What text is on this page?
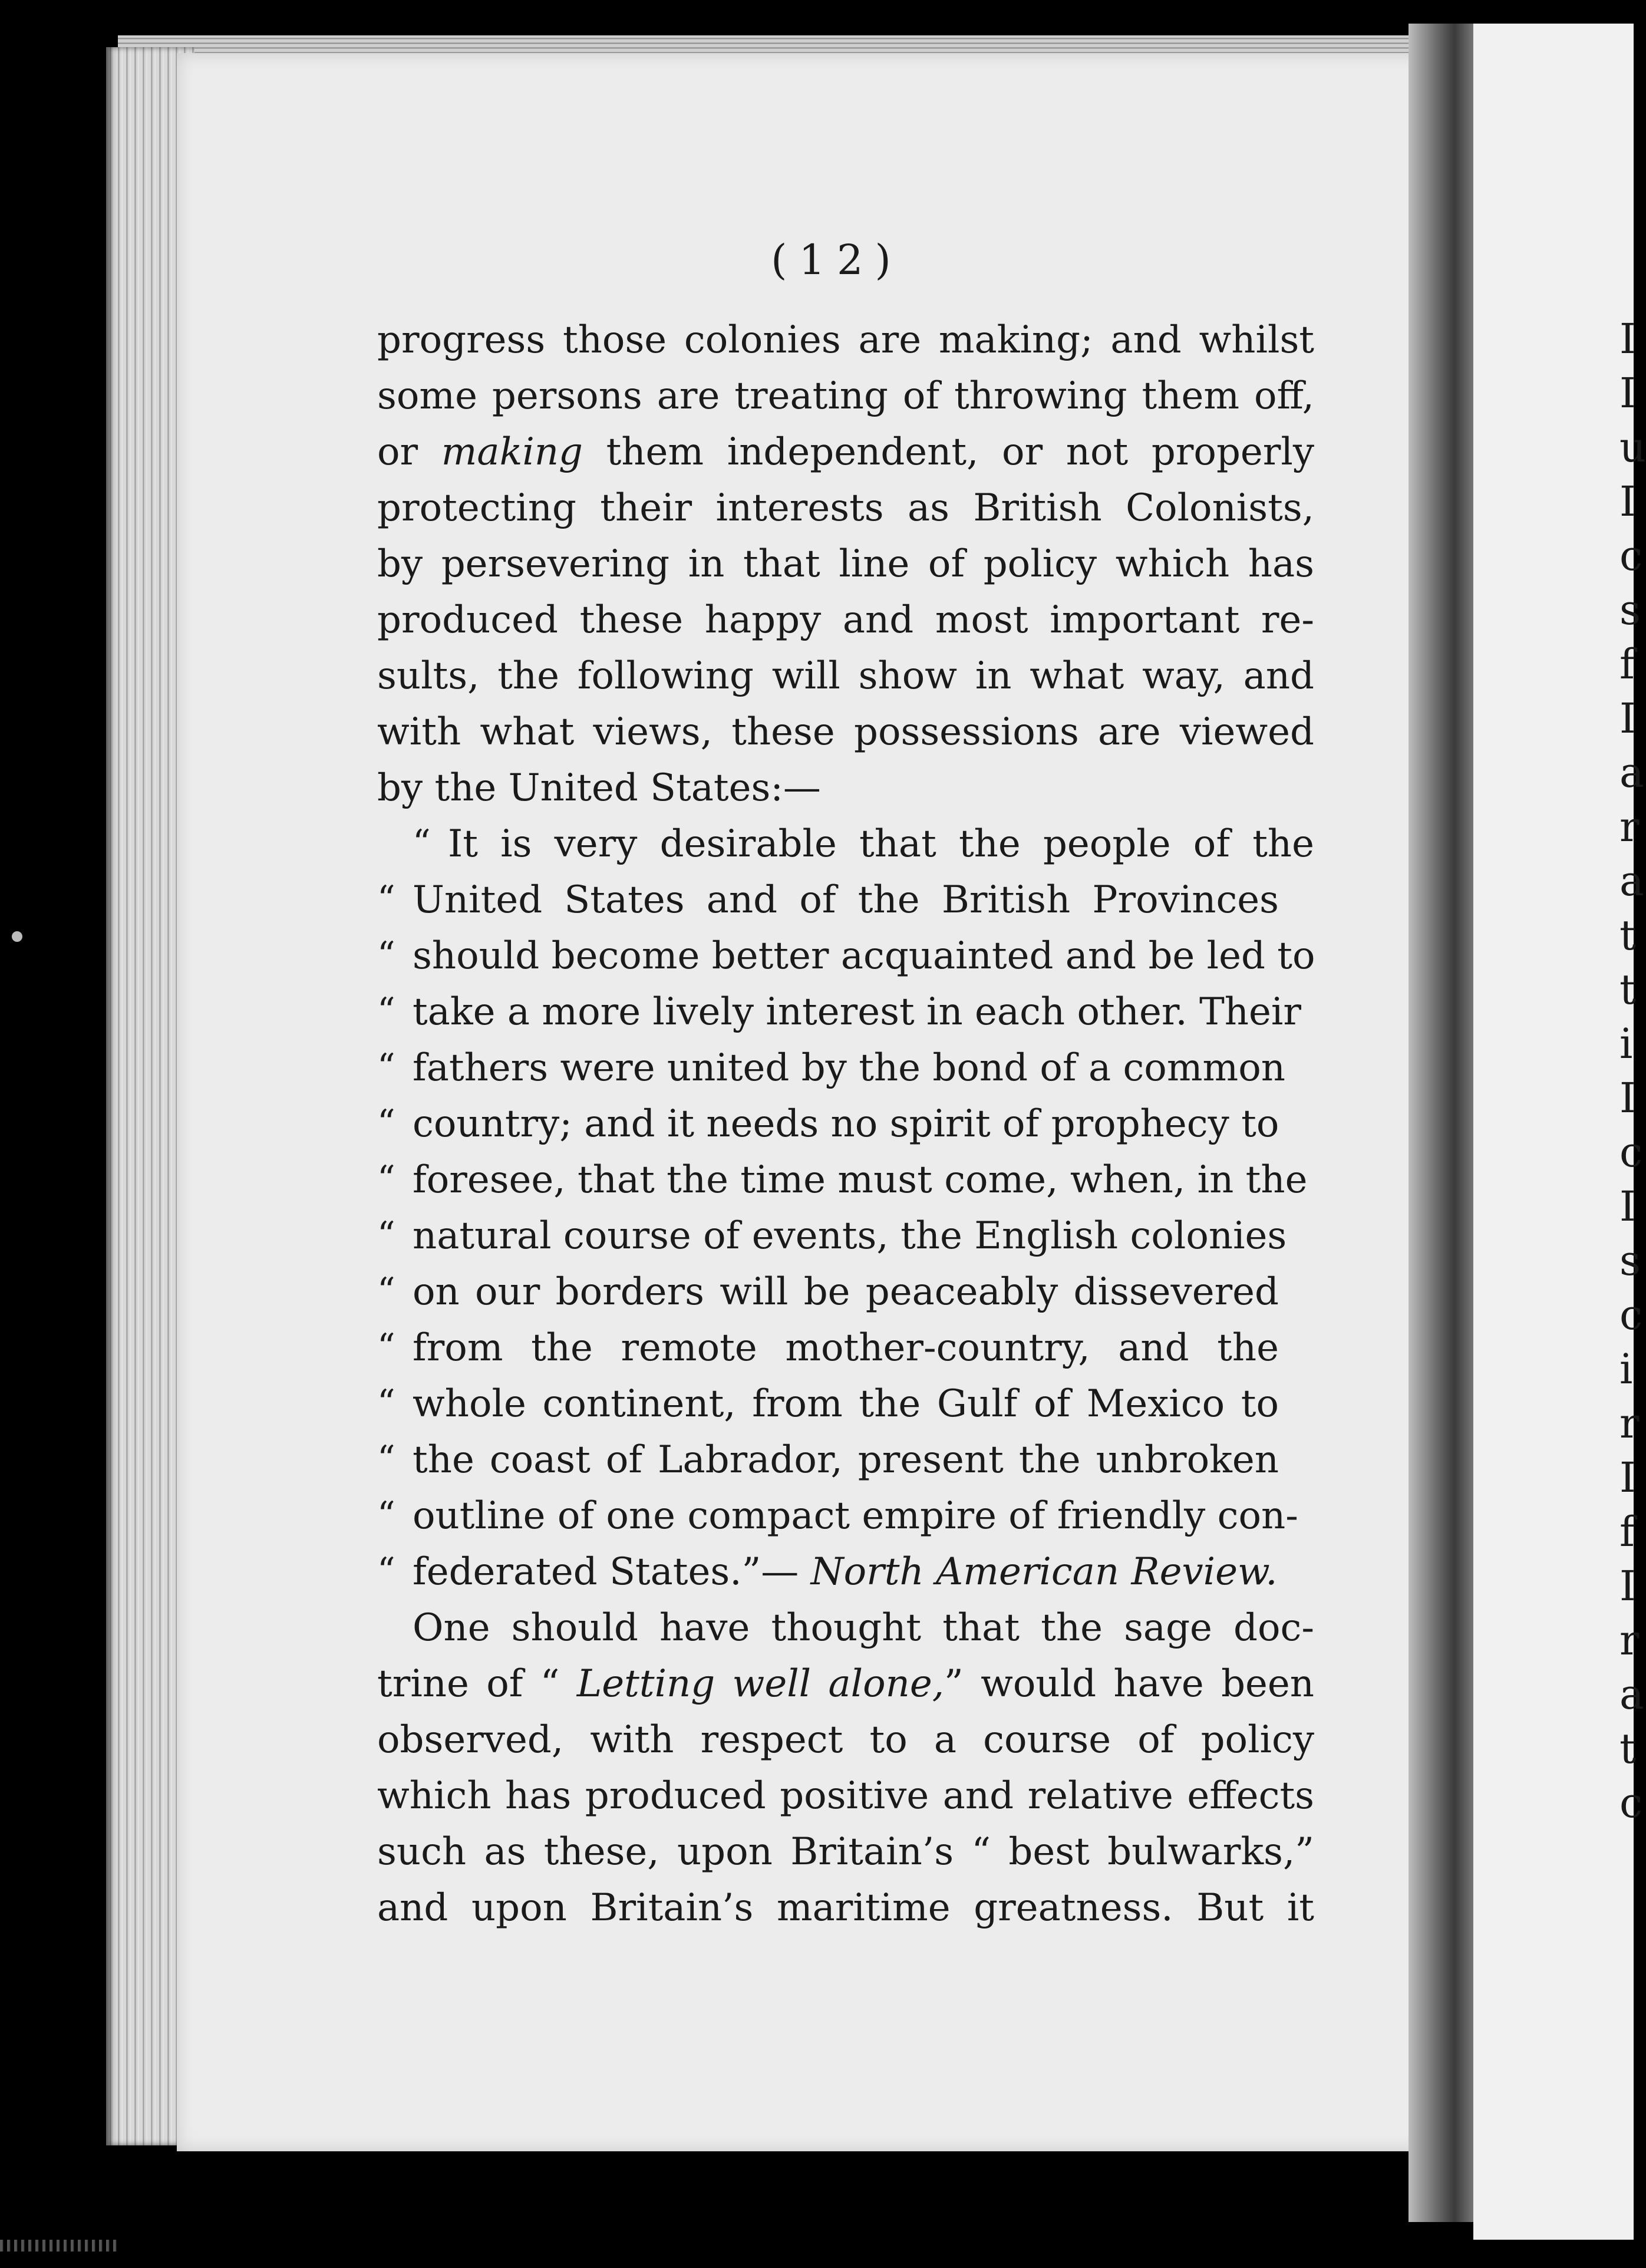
(12)
progress those colonies are making; and whilst
some persons are treating of throwing them off,
or making them independent, or not properly
protecting their interests as British Colonists,
by persevering in that line of policy which has
produced these happy and most important re-
sults, the following will show in what way, and
with what views, these possessions are viewed
by the United States:—
“ It is very desirable that the people of the
“ United States and of the British Provinces
“ should become better acquainted and be led to
“ take a more lively interest in each other. Their
“ fathers were united by the bond of a common
“ country; and it needs no spirit of prophecy to
“ foresee, that the time must come, when, in the
“ natural course of events, the English colonies
“ on our borders will be peaceably dissevered
“ from the remote mother-country, and the
“ whole continent, from the Gulf of Mexico to
“ the coast of Labrador, present the unbroken
“ outline of one compact empire of friendly con-
“ federated States.”— North American Review.
One should have thought that the sage doc-
trine of “ Letting well alone,” would have been
observed, with respect to a course of policy
which has produced positive and relative effects
such as these, upon Britain’s “ best bulwarks,”
and upon Britain’s maritime greatness. But it
I
I
u
I
c
s
f
I
a
r
a
t
t
i
I
c
I
s
c
i
r
I
f
I
r
a
t
c
